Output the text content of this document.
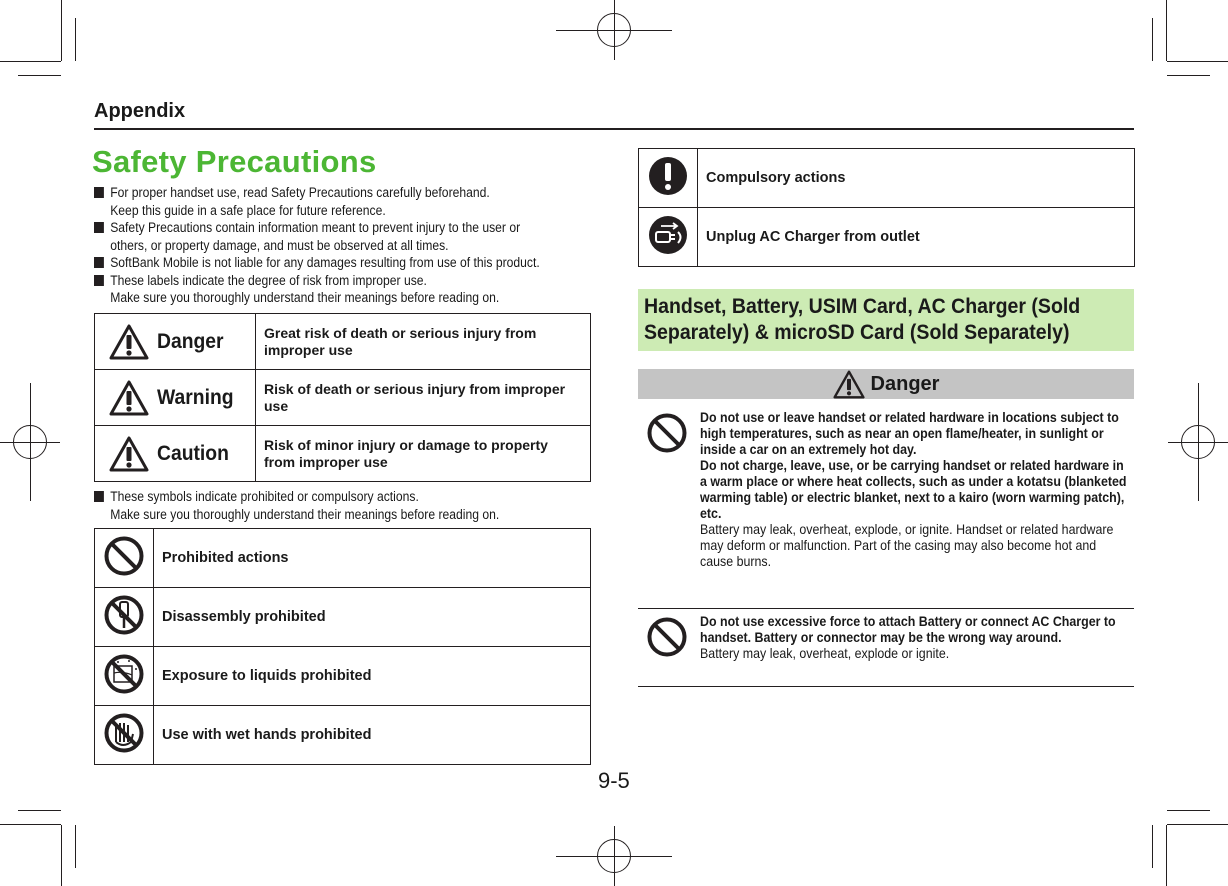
Appendix
Safety Precautions
For proper handset use, read Safety Precautions carefully beforehand.
Keep this guide in a safe place for future reference.
Safety Precautions contain information meant to prevent injury to the user or
others, or property damage, and must be observed at all times.
SoftBank Mobile is not liable for any damages resulting from use of this product.
These labels indicate the degree of risk from improper use.
Make sure you thoroughly understand their meanings before reading on.
Danger	Great risk of death or serious injury from improper use

Warning	Risk of death or serious injury from improper use

Caution	Risk of minor injury or damage to property from improper use
These symbols indicate prohibited or compulsory actions.
Make sure you thoroughly understand their meanings before reading on.
	Prohibited actions
	Disassembly prohibited
	Exposure to liquids prohibited
	Use with wet hands prohibited
	Compulsory actions
	Unplug AC Charger from outlet
Handset, Battery, USIM Card, AC Charger (Sold Separately) & microSD Card (Sold Separately)
Danger
Do not use or leave handset or related hardware in locations subject to high temperatures, such as near an open flame/heater, in sunlight or inside a car on an extremely hot day.
Do not charge, leave, use, or be carrying handset or related hardware in a warm place or where heat collects, such as under a kotatsu (blanketed warming table) or electric blanket, next to a kairo (worn warming patch), etc.
Battery may leak, overheat, explode, or ignite. Handset or related hardware may deform or malfunction. Part of the casing may also become hot and cause burns.
Do not use excessive force to attach Battery or connect AC Charger to handset. Battery or connector may be the wrong way around.
Battery may leak, overheat, explode or ignite.
9-5
